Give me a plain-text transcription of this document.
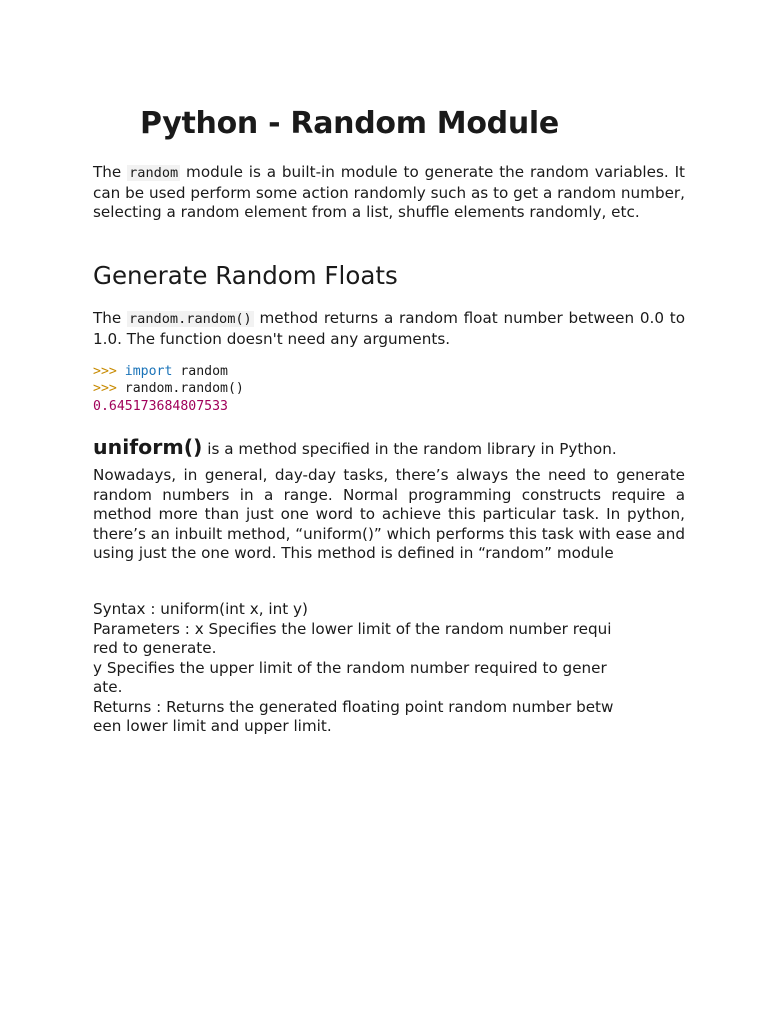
Python - Random Module

The random module is a built-in module to generate the random variables. It can be used perform some action randomly such as to get a random number, selecting a random element from a list, shuffle elements randomly, etc.

Generate Random Floats

The random.random() method returns a random float number between 0.0 to 1.0. The function doesn't need any arguments.

>>> import random
>>> random.random()
0.645173684807533

uniform() is a method specified in the random library in Python.

Nowadays, in general, day-day tasks, there’s always the need to generate random numbers in a range. Normal programming constructs require a method more than just one word to achieve this particular task. In python, there’s an inbuilt method, “uniform()” which performs this task with ease and using just the one word. This method is defined in “random” module

Syntax : uniform(int x, int y)
Parameters : x Specifies the lower limit of the random number requi
red to generate.
y Specifies the upper limit of the random number required to gener
ate.
Returns : Returns the generated floating point random number betw
een lower limit and upper limit.
